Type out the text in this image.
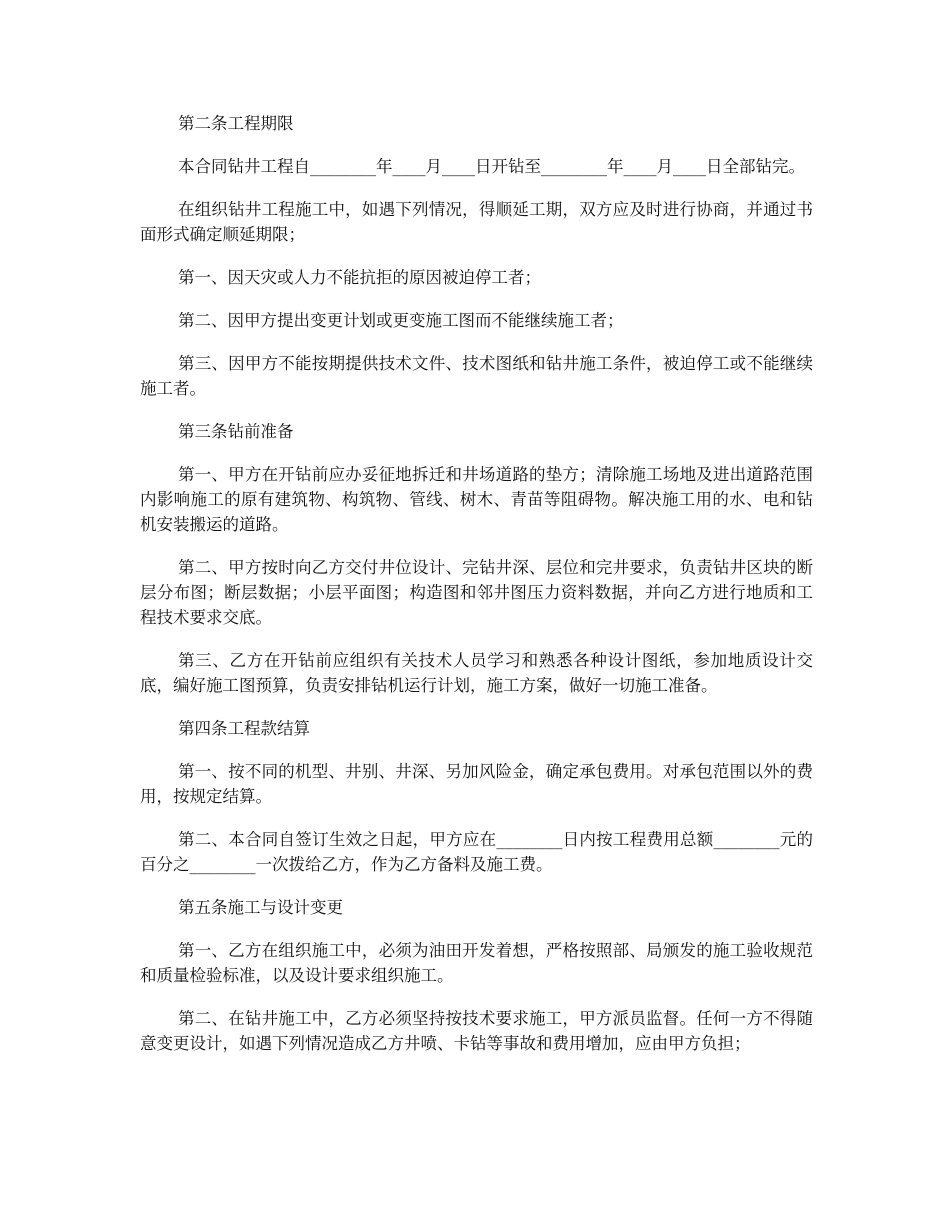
第二条工程期限

本合同钻井工程自________年____月____日开钻至________年____月____日全部钻完。

在组织钻井工程施工中，如遇下列情况，得顺延工期，双方应及时进行协商，并通过书面形式确定顺延期限；

第一、因天灾或人力不能抗拒的原因被迫停工者；

第二、因甲方提出变更计划或更变施工图而不能继续施工者；

第三、因甲方不能按期提供技术文件、技术图纸和钻井施工条件，被迫停工或不能继续施工者。

第三条钻前准备

第一、甲方在开钻前应办妥征地拆迁和井场道路的垫方；清除施工场地及进出道路范围内影响施工的原有建筑物、构筑物、管线、树木、青苗等阻碍物。解决施工用的水、电和钻机安装搬运的道路。

第二、甲方按时向乙方交付井位设计、完钻井深、层位和完井要求，负责钻井区块的断层分布图；断层数据；小层平面图；构造图和邻井图压力资料数据，并向乙方进行地质和工程技术要求交底。

第三、乙方在开钻前应组织有关技术人员学习和熟悉各种设计图纸，参加地质设计交底，编好施工图预算，负责安排钻机运行计划，施工方案，做好一切施工准备。

第四条工程款结算

第一、按不同的机型、井别、井深、另加风险金，确定承包费用。对承包范围以外的费用，按规定结算。

第二、本合同自签订生效之日起，甲方应在________日内按工程费用总额________元的百分之________一次拨给乙方，作为乙方备料及施工费。

第五条施工与设计变更

第一、乙方在组织施工中，必须为油田开发着想，严格按照部、局颁发的施工验收规范和质量检验标准，以及设计要求组织施工。

第二、在钻井施工中，乙方必须坚持按技术要求施工，甲方派员监督。任何一方不得随意变更设计，如遇下列情况造成乙方井喷、卡钻等事故和费用增加，应由甲方负担；
